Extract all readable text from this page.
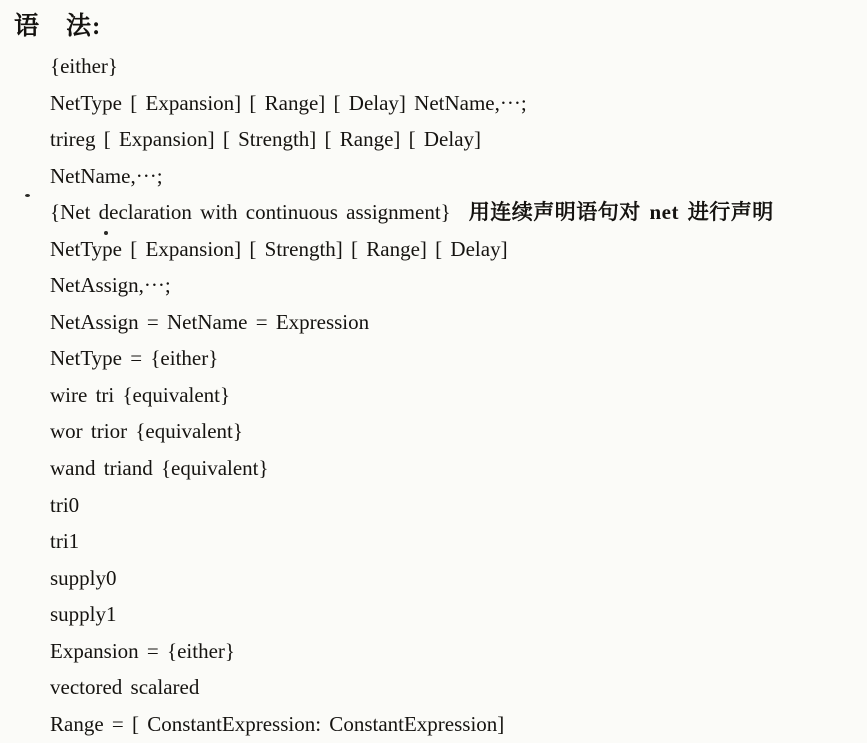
语　法:
{either}
NetType [ Expansion] [ Range] [ Delay] NetName,···;
trireg [ Expansion] [ Strength] [ Range] [ Delay]
NetName,···;
{Net declaration with continuous assignment} 用连续声明语句对 net 进行声明
NetType [ Expansion] [ Strength] [ Range] [ Delay]
NetAssign,···;
NetAssign = NetName = Expression
NetType = {either}
wire tri {equivalent}
wor trior {equivalent}
wand triand {equivalent}
tri0
tri1
supply0
supply1
Expansion = {either}
vectored scalared
Range = [ ConstantExpression: ConstantExpression]
